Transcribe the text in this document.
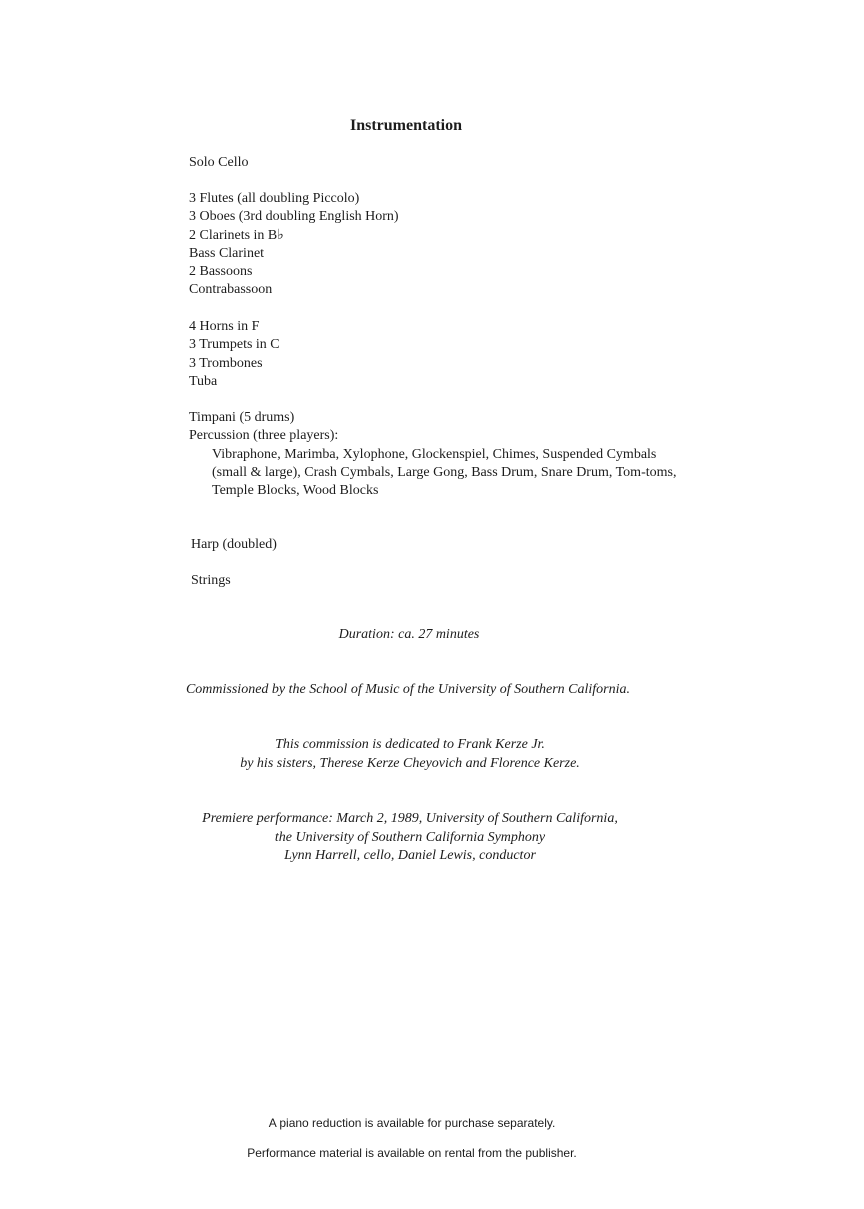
Instrumentation
Solo Cello
3 Flutes (all doubling Piccolo)
3 Oboes (3rd doubling English Horn)
2 Clarinets in B♭
Bass Clarinet
2 Bassoons
Contrabassoon
4 Horns in F
3 Trumpets in C
3 Trombones
Tuba
Timpani (5 drums)
Percussion (three players):
Vibraphone, Marimba, Xylophone, Glockenspiel, Chimes, Suspended Cymbals
(small & large), Crash Cymbals, Large Gong, Bass Drum, Snare Drum, Tom-toms,
Temple Blocks, Wood Blocks
Harp (doubled)
Strings
Duration: ca. 27 minutes
Commissioned by the School of Music of the University of Southern California.
This commission is dedicated to Frank Kerze Jr.
by his sisters, Therese Kerze Cheyovich and Florence Kerze.
Premiere performance: March 2, 1989, University of Southern California,
the University of Southern California Symphony
Lynn Harrell, cello, Daniel Lewis, conductor
A piano reduction is available for purchase separately.
Performance material is available on rental from the publisher.
